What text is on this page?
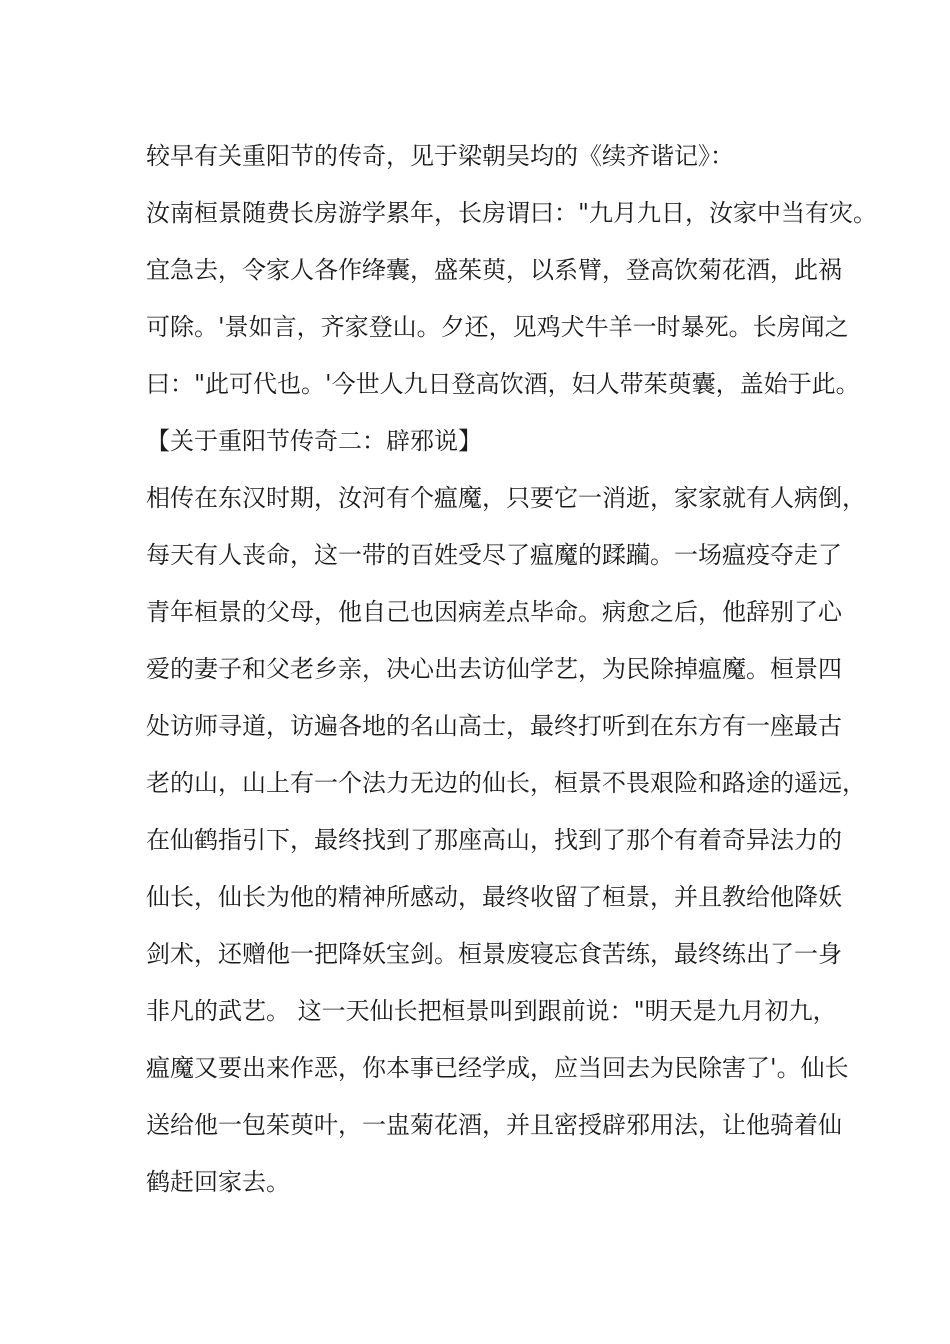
较早有关重阳节的传奇，见于梁朝吴均的《续齐谐记》：
汝南桓景随费长房游学累年，长房谓曰："九月九日，汝家中当有灾。
宜急去，令家人各作绛囊，盛茱萸，以系臂，登高饮菊花酒，此祸
可除。'景如言，齐家登山。夕还，见鸡犬牛羊一时暴死。长房闻之
曰："此可代也。'今世人九日登高饮酒，妇人带茱萸囊，盖始于此。
【关于重阳节传奇二：辟邪说】
相传在东汉时期，汝河有个瘟魔，只要它一消逝，家家就有人病倒，
每天有人丧命，这一带的百姓受尽了瘟魔的蹂躏。一场瘟疫夺走了
青年桓景的父母，他自己也因病差点毕命。病愈之后，他辞别了心
爱的妻子和父老乡亲，决心出去访仙学艺，为民除掉瘟魔。桓景四
处访师寻道，访遍各地的名山高士，最终打听到在东方有一座最古
老的山，山上有一个法力无边的仙长，桓景不畏艰险和路途的遥远，
在仙鹤指引下，最终找到了那座高山，找到了那个有着奇异法力的
仙长，仙长为他的精神所感动，最终收留了桓景，并且教给他降妖
剑术，还赠他一把降妖宝剑。桓景废寝忘食苦练，最终练出了一身
非凡的武艺。 这一天仙长把桓景叫到跟前说："明天是九月初九，
瘟魔又要出来作恶，你本事已经学成，应当回去为民除害了'。仙长
送给他一包茱萸叶，一盅菊花酒，并且密授辟邪用法，让他骑着仙
鹤赶回家去。
